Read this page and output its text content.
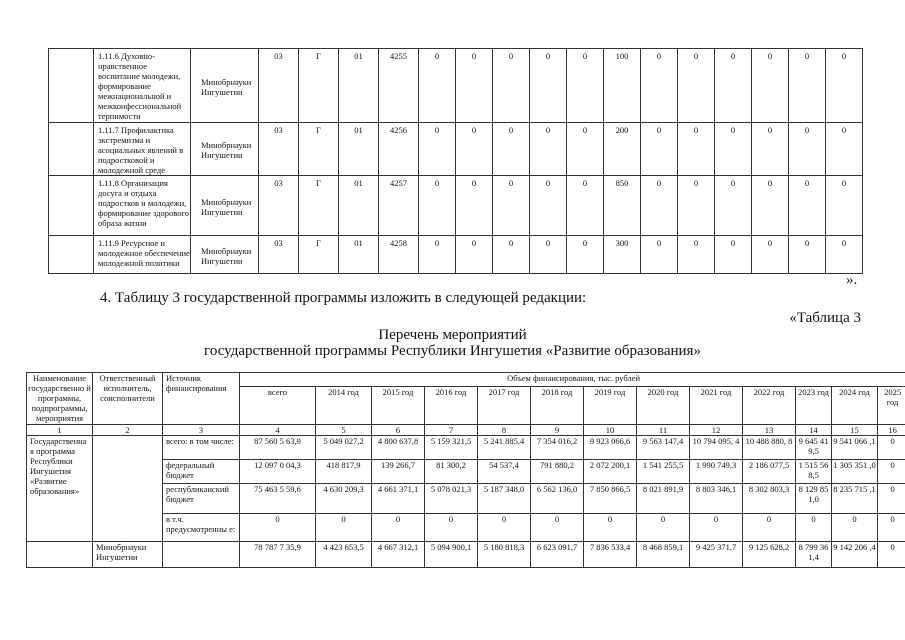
	1.11.6 Духовно-нравственное воспитание молодежи, формирование межнациональной и межконфессиональной терпимости	Минобрнауки Ингушетии	03	Г	01	4255	0	0	0	0	0	100	0	0	0	0	0	0
	1.11.7 Профилактика экстремизма и асоциальных явлений в подростковой и молодежной среде	Минобрнауки Ингушетии	03	Г	01	4256	0	0	0	0	0	200	0	0	0	0	0	0
	1.11.8 Организация досуга и отдыха подростков и молодежи, формирование здорового образа жизни	Минобрнауки Ингушетии	03	Г	01	4257	0	0	0	0	0	850	0	0	0	0	0	0
	1.11.9 Ресурсное и молодежное обеспечение молодежной политики	Минобрнауки Ингушетии	03	Г	01	4258	0	0	0	0	0	300	0	0	0	0	0	0
».
4. Таблицу 3 государственной программы изложить в следующей редакции:
«Таблица 3
Перечень мероприятий
государственной программы Республики Ингушетия «Развитие образования»
Наименование государственно й программы, подпрограммы, мероприятия	Ответственный исполнитель, соисполнители	Источник финансирования	Объем финансирования, тыс. рублей												
			всего	2014 год	2015 год	2016 год	2017 год	2018 год	2019 год	2020 год	2021 год	2022 год	2023 год	2024 год	2025 год
1	2	3	4	5	6	7	8	9	10	11	12	13	14	15	16
Государственна я программа Республики Ингушетия «Развитие образования»		всего: в том числе:	87 560 5 63,9	5 049 027,2	4 800 637,8	5 159 321,5	5 241 885,4	7 354 016,2	9 923 066,6	9 563 147,4	10 794 095, 4	10 488 880, 8	9 645 41 9,5	9 541 066 ,1	0
		федеральный бюджет	12 097 0 04,3	418 817,9	139 266,7	81 300,2	54 537,4	791 880,2	2 072 200,1	1 541 255,5	1 990 749,3	2 186 077,5	1 515 56 8,5	1 305 351 ,0	0
		республиканский бюджет	75 463 5 59,6	4 630 209,3	4 661 371,1	5 078 021,3	5 187 348,0	6 562 136,0	7 850 866,5	8 021 891,9	8 803 346,1	8 302 803,3	8 129 85 1,0	8 235 715 ,1	0
		в т.ч. предусмотренны е:	0	0	0	0	0	0	0	0	0	0	0	0	0
	Минобрнауки Ингушетии		78 787 7 35,9	4 423 653,5	4 667 312,1	5 094 900,1	5 180 818,3	6 623 091,7	7 836 533,4	8 468 859,1	9 425 371,7	9 125 628,2	8 799 36 1,4	9 142 206 ,4	0
